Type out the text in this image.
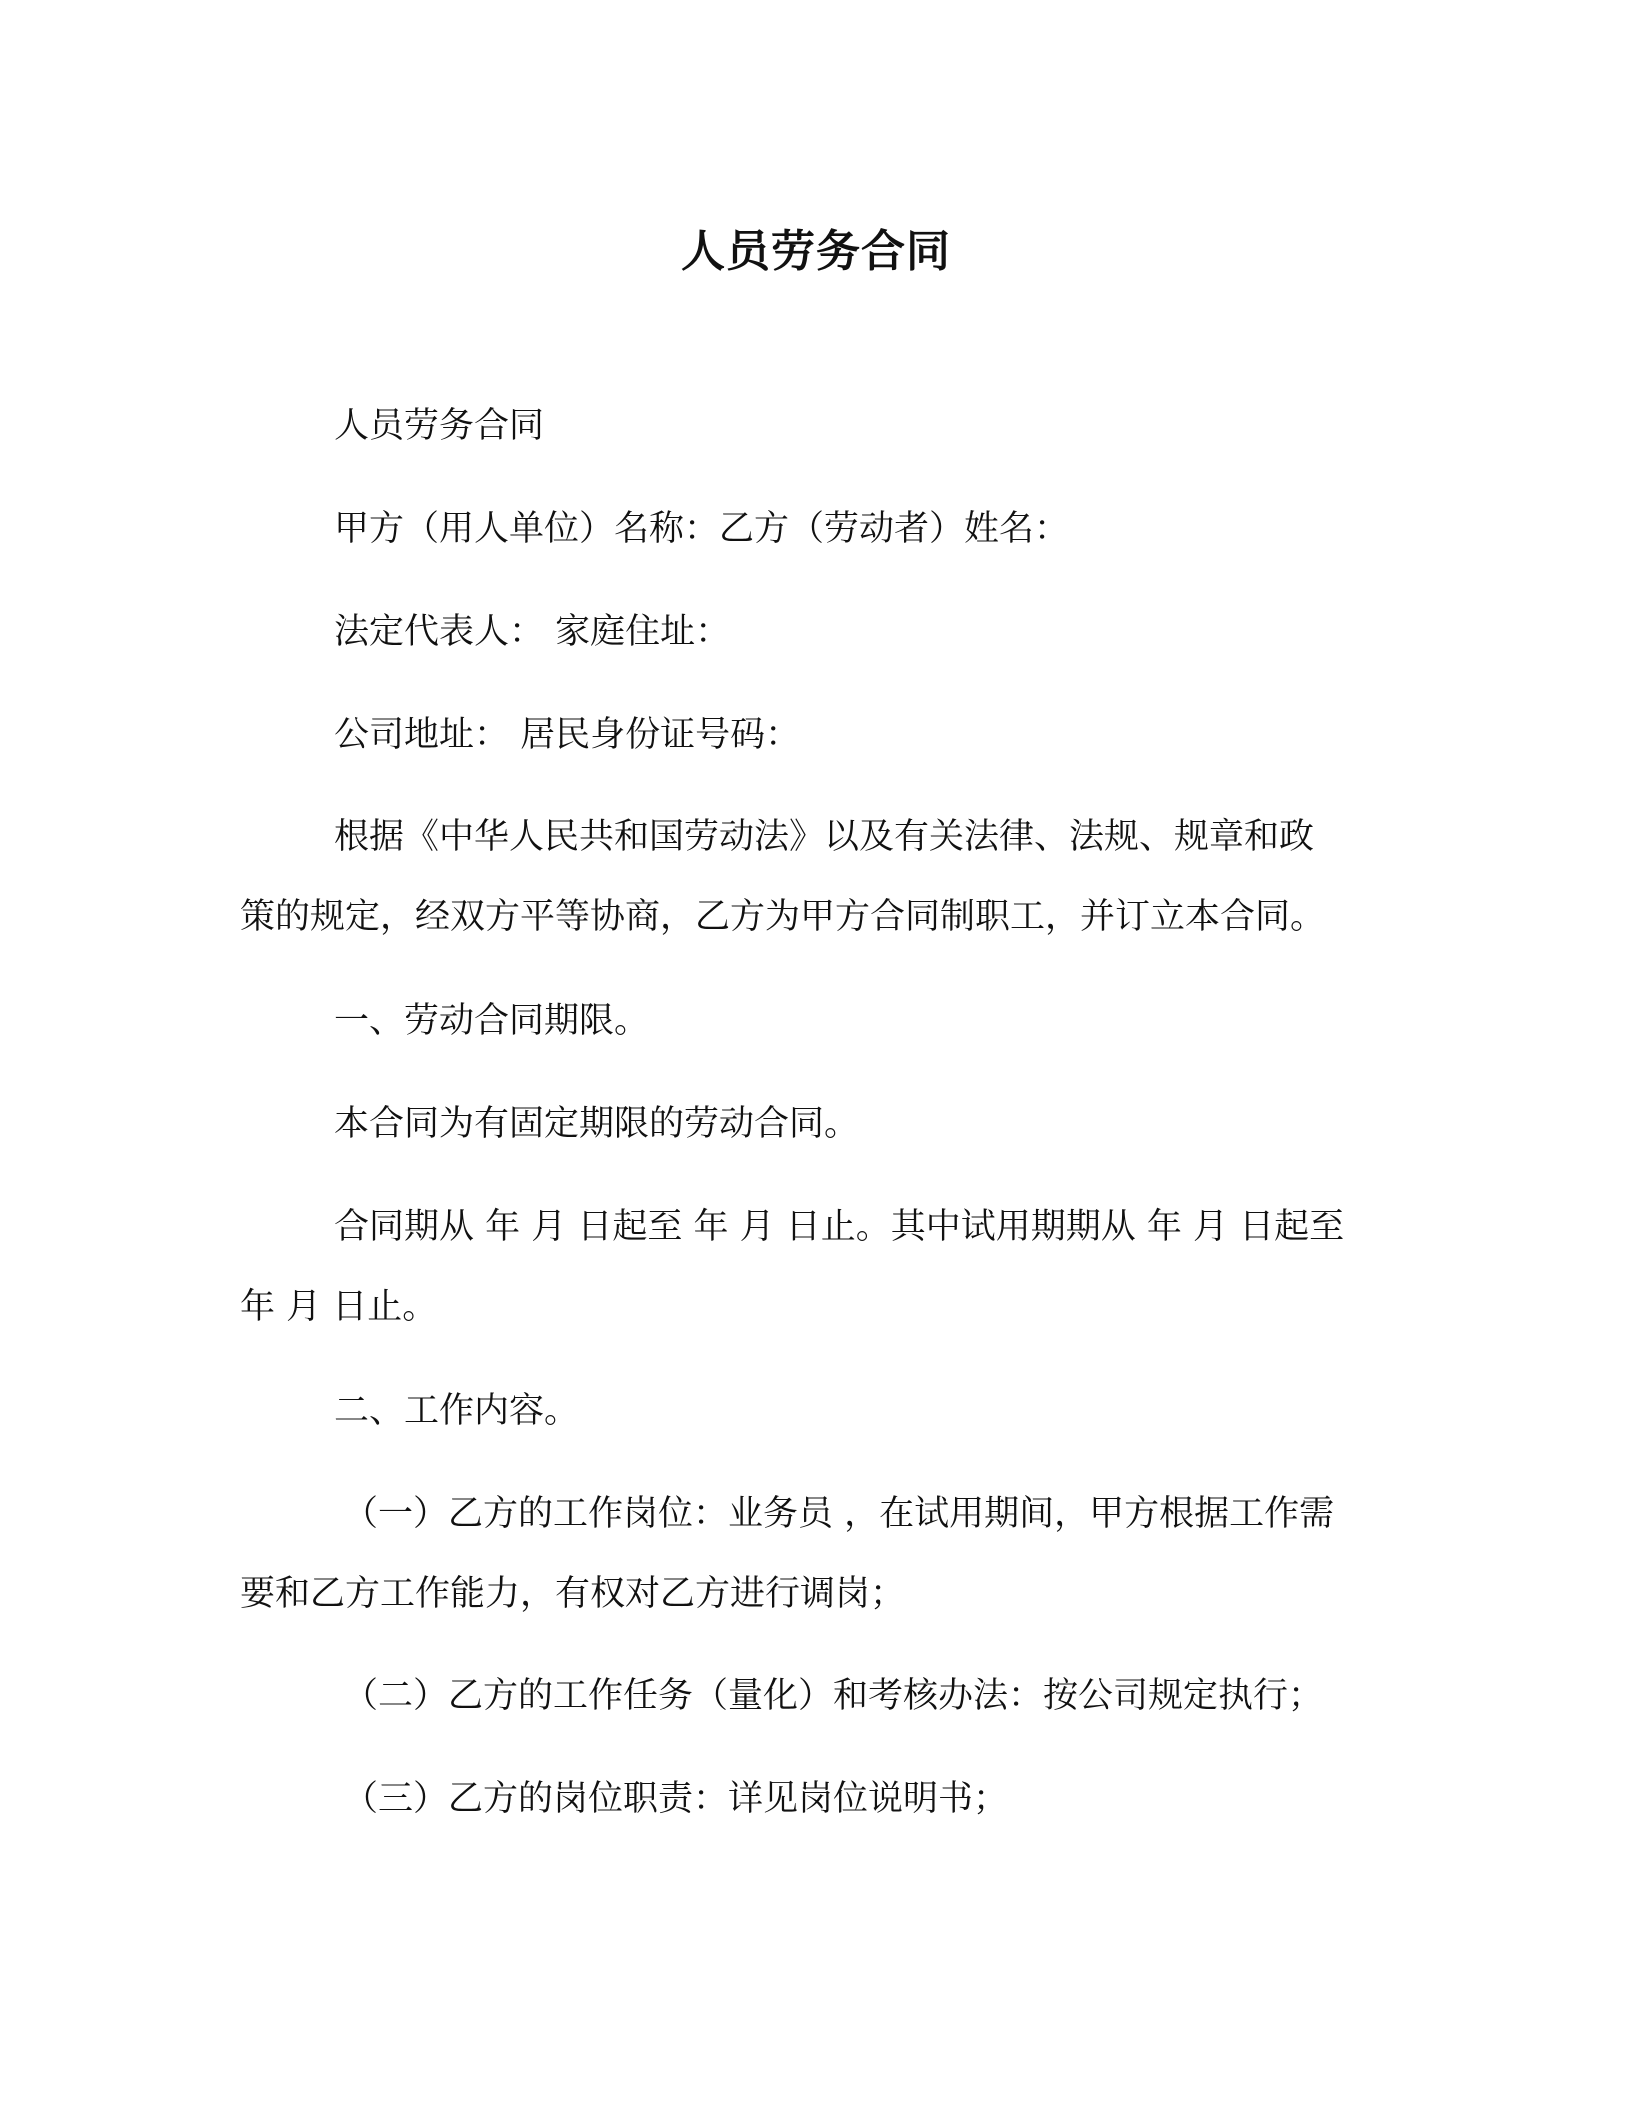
人员劳务合同
人员劳务合同
甲方（用人单位）名称：乙方（劳动者）姓名：
法定代表人： 家庭住址：
公司地址： 居民身份证号码：
根据《中华人民共和国劳动法》以及有关法律、法规、规章和政
策的规定，经双方平等协商，乙方为甲方合同制职工，并订立本合同。
一、劳动合同期限。
本合同为有固定期限的劳动合同。
合同期从 年 月 日起至 年 月 日止。其中试用期期从 年 月 日起至
年 月 日止。
二、工作内容。
（一）乙方的工作岗位：业务员 ，在试用期间，甲方根据工作需
要和乙方工作能力，有权对乙方进行调岗；
（二）乙方的工作任务（量化）和考核办法：按公司规定执行；
（三）乙方的岗位职责：详见岗位说明书；
